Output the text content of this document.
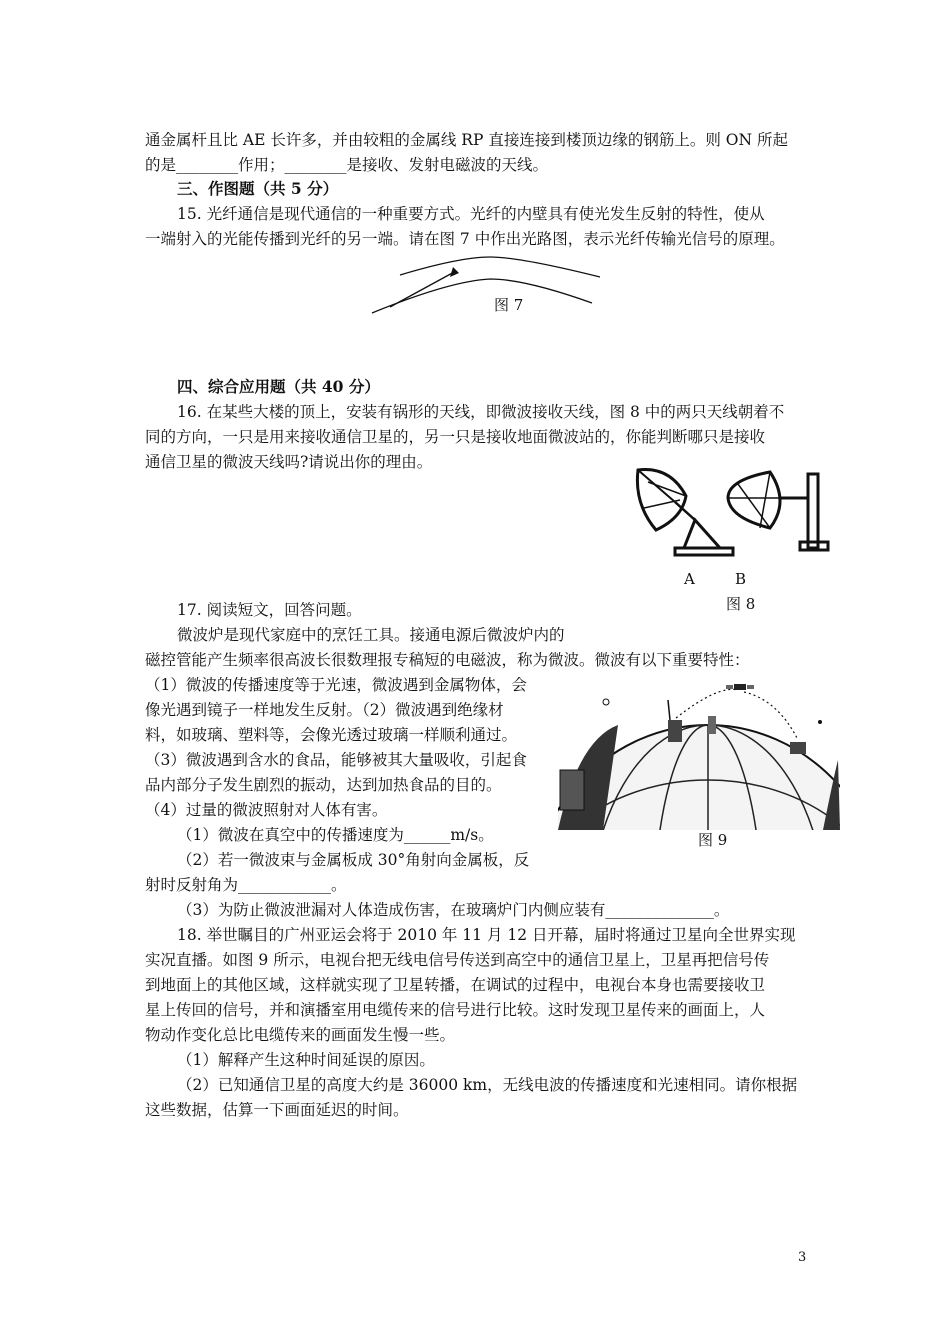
通金属杆且比 AE 长许多，并由较粗的金属线 RP 直接连接到楼顶边缘的钢筋上。则 ON 所起
的是________作用；________是接收、发射电磁波的天线。
三、作图题（共 5 分）
15. 光纤通信是现代通信的一种重要方式。光纤的内壁具有使光发生反射的特性，使从
一端射入的光能传播到光纤的另一端。请在图 7 中作出光路图，表示光纤传输光信号的原理。
四、综合应用题（共 40 分）
16. 在某些大楼的顶上，安装有锅形的天线，即微波接收天线，图 8 中的两只天线朝着不
同的方向，一只是用来接收通信卫星的，另一只是接收地面微波站的，你能判断哪只是接收
通信卫星的微波天线吗?请说出你的理由。
17. 阅读短文，回答问题。
微波炉是现代家庭中的烹饪工具。接通电源后微波炉内的
磁控管能产生频率很高波长很数理报专稿短的电磁波，称为微波。微波有以下重要特性：
（1）微波的传播速度等于光速，微波遇到金属物体，会
像光遇到镜子一样地发生反射。（2）微波遇到绝缘材
料，如玻璃、塑料等，会像光透过玻璃一样顺利通过。
（3）微波遇到含水的食品，能够被其大量吸收，引起食
品内部分子发生剧烈的振动，达到加热食品的目的。
（4）过量的微波照射对人体有害。
（1）微波在真空中的传播速度为______m/s。
（2）若一微波束与金属板成 30°角射向金属板，反
射时反射角为____________。
（3）为防止微波泄漏对人体造成伤害，在玻璃炉门内侧应装有______________。
18. 举世瞩目的广州亚运会将于 2010 年 11 月 12 日开幕，届时将通过卫星向全世界实现
实况直播。如图 9 所示，电视台把无线电信号传送到高空中的通信卫星上，卫星再把信号传
到地面上的其他区域，这样就实现了卫星转播，在调试的过程中，电视台本身也需要接收卫
星上传回的信号，并和演播室用电缆传来的信号进行比较。这时发现卫星传来的画面上，人
物动作变化总比电缆传来的画面发生慢一些。
（1）解释产生这种时间延误的原因。
（2）已知通信卫星的高度大约是 36000 km，无线电波的传播速度和光速相同。请你根据
这些数据，估算一下画面延迟的时间。
图 7
A	B
图 8
图 9
3
